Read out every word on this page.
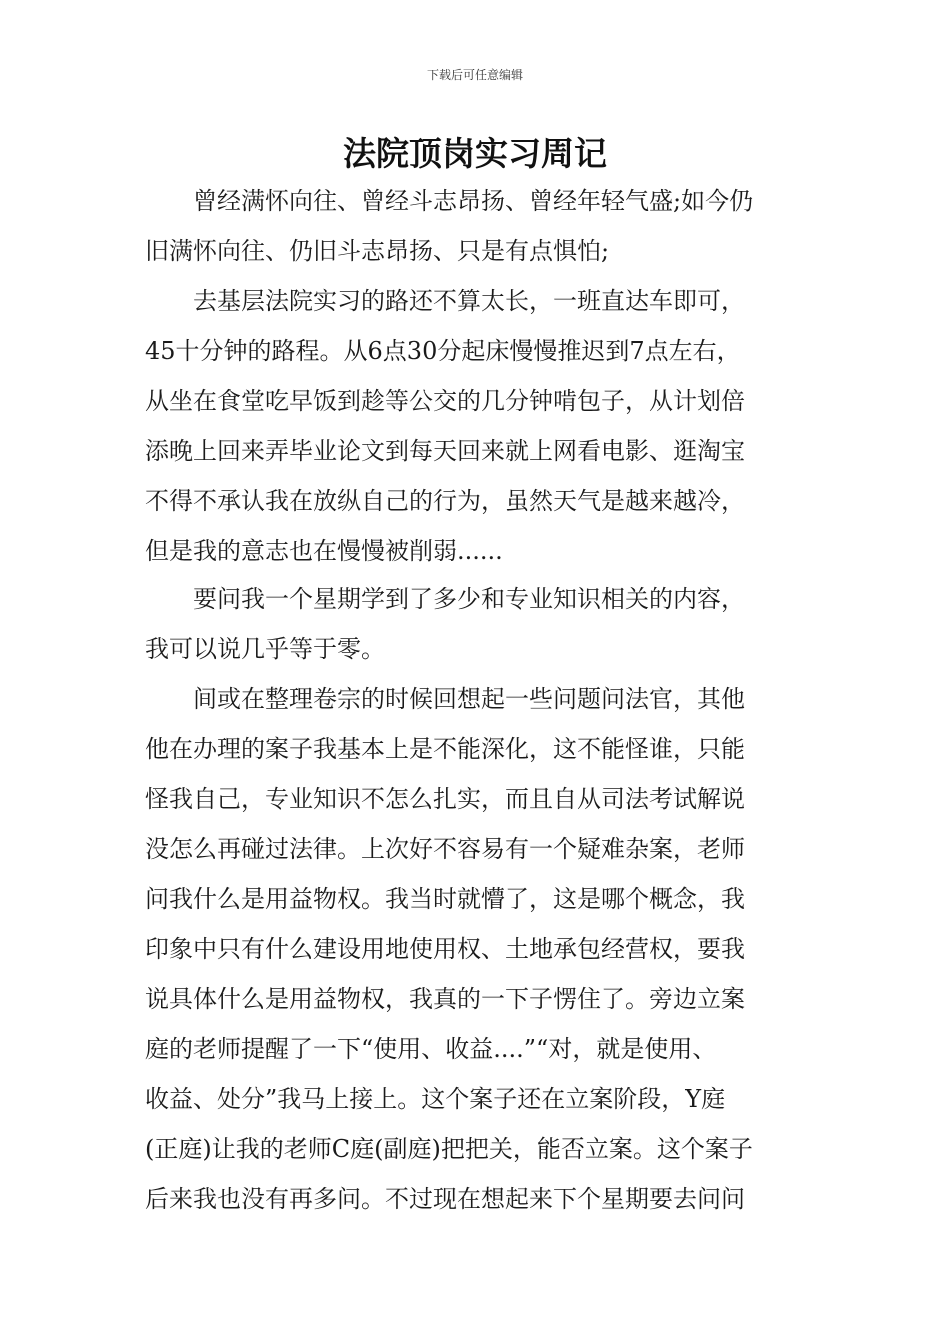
下载后可任意编辑
法院顶岗实习周记
　　曾经满怀向往、曾经斗志昂扬、曾经年轻气盛;如今仍
旧满怀向往、仍旧斗志昂扬、只是有点惧怕;
　　去基层法院实习的路还不算太长，一班直达车即可，
45十分钟的路程。从6点30分起床慢慢推迟到7点左右，
从坐在食堂吃早饭到趁等公交的几分钟啃包子，从计划倍
添晚上回来弄毕业论文到每天回来就上网看电影、逛淘宝
不得不承认我在放纵自己的行为，虽然天气是越来越冷，
但是我的意志也在慢慢被削弱......
　　要问我一个星期学到了多少和专业知识相关的内容，
我可以说几乎等于零。
　　间或在整理卷宗的时候回想起一些问题问法官，其他
他在办理的案子我基本上是不能深化，这不能怪谁，只能
怪我自己，专业知识不怎么扎实，而且自从司法考试解说
没怎么再碰过法律。上次好不容易有一个疑难杂案，老师
问我什么是用益物权。我当时就懵了，这是哪个概念，我
印象中只有什么建设用地使用权、土地承包经营权，要我
说具体什么是用益物权，我真的一下子愣住了。旁边立案
庭的老师提醒了一下“使用、收益....”“对，就是使用、
收益、处分”我马上接上。这个案子还在立案阶段，Y庭
(正庭)让我的老师C庭(副庭)把把关，能否立案。这个案子
后来我也没有再多问。不过现在想起来下个星期要去问问
